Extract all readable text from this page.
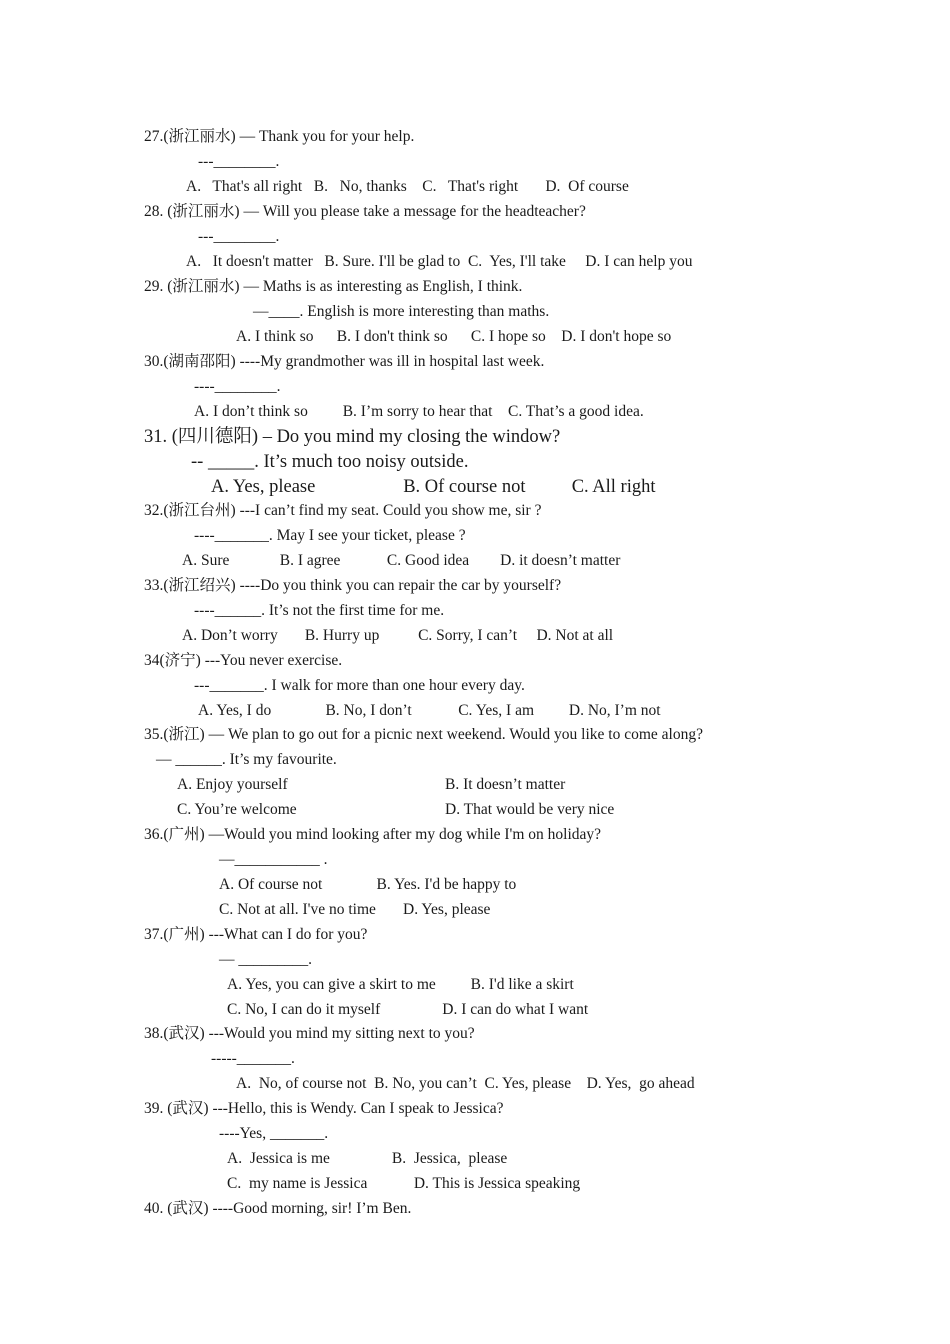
27.(浙江丽水) — Thank you for your help.
---________.
A.   That's all right   B.   No, thanks    C.   That's right       D.  Of course
28. (浙江丽水) — Will you please take a message for the headteacher?
---________.
A.   It doesn't matter   B. Sure. I'll be glad to  C.  Yes, I'll take     D. I can help you
29. (浙江丽水) — Maths is as interesting as English, I think.
—____. English is more interesting than maths.
A. I think so      B. I don't think so      C. I hope so    D. I don't hope so
30.(湖南邵阳) ----My grandmother was ill in hospital last week.
----________.
A. I don’t think so         B. I’m sorry to hear that    C. That’s a good idea.
31. (四川德阳) – Do you mind my closing the window?
-- _____. It’s much too noisy outside.
A. Yes, please                   B. Of course not          C. All right
32.(浙江台州) ---I can’t find my seat. Could you show me, sir ?
----_______. May I see your ticket, please ?
A. Sure             B. I agree            C. Good idea        D. it doesn’t matter
33.(浙江绍兴) ----Do you think you can repair the car by yourself?
----______. It’s not the first time for me.
A. Don’t worry       B. Hurry up          C. Sorry, I can’t     D. Not at all
34(济宁) ---You never exercise.
---_______. I walk for more than one hour every day.
A. Yes, I do              B. No, I don’t            C. Yes, I am         D. No, I’m not
35.(浙江) — We plan to go out for a picnic next weekend. Would you like to come along?
— ______. It’s my favourite.
A. Enjoy yourself	B. It doesn’t matter
C. You’re welcome	D. That would be very nice
36.(广州) —Would you mind looking after my dog while I'm on holiday?
—___________ .
A. Of course not              B. Yes. I'd be happy to
C. Not at all. I've no time       D. Yes, please
37.(广州) ---What can I do for you?
— _________.
A. Yes, you can give a skirt to me         B. I'd like a skirt
C. No, I can do it myself                D. I can do what I want
38.(武汉) ---Would you mind my sitting next to you?
-----_______.
A.  No, of course not  B. No, you can’t  C. Yes, please    D. Yes,  go ahead
39. (武汉) ---Hello, this is Wendy. Can I speak to Jessica?
----Yes, _______.
A.  Jessica is me                B.  Jessica,  please
C.  my name is Jessica            D. This is Jessica speaking
40. (武汉) ----Good morning, sir! I’m Ben.
